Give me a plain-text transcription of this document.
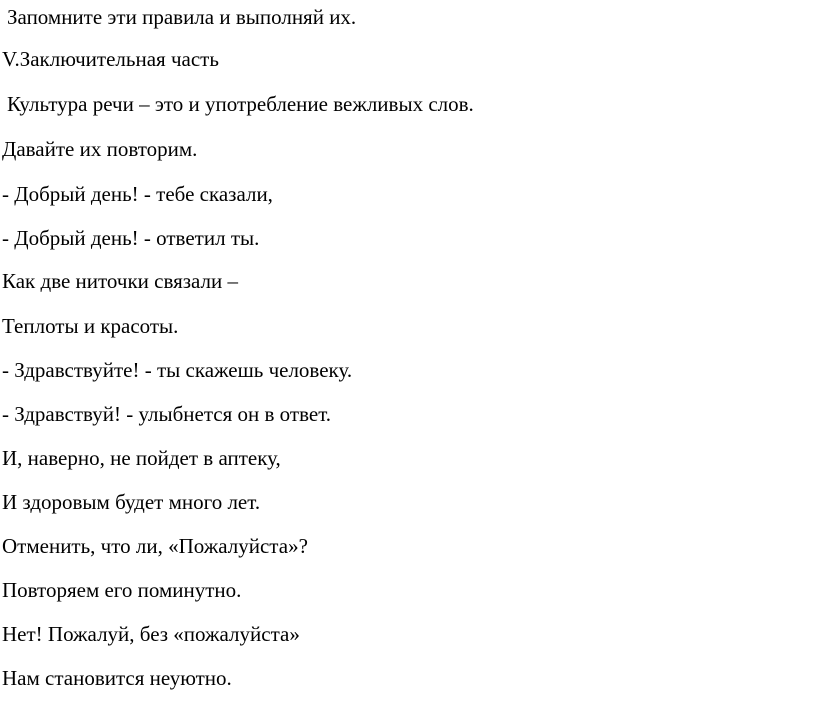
Запомните эти правила и выполняй их.

V.Заключительная часть

Культура речи – это и употребление вежливых слов.

Давайте их повторим.

- Добрый день! - тебе сказали,

- Добрый день! - ответил ты.

Как две ниточки связали –

Теплоты и красоты.

- Здравствуйте! - ты скажешь человеку.

- Здравствуй! - улыбнется он в ответ.

И, наверно, не пойдет в аптеку,

И здоровым будет много лет.

Отменить, что ли, «Пожалуйста»?

Повторяем его поминутно.

Нет! Пожалуй, без «пожалуйста»

Нам становится неуютно.
